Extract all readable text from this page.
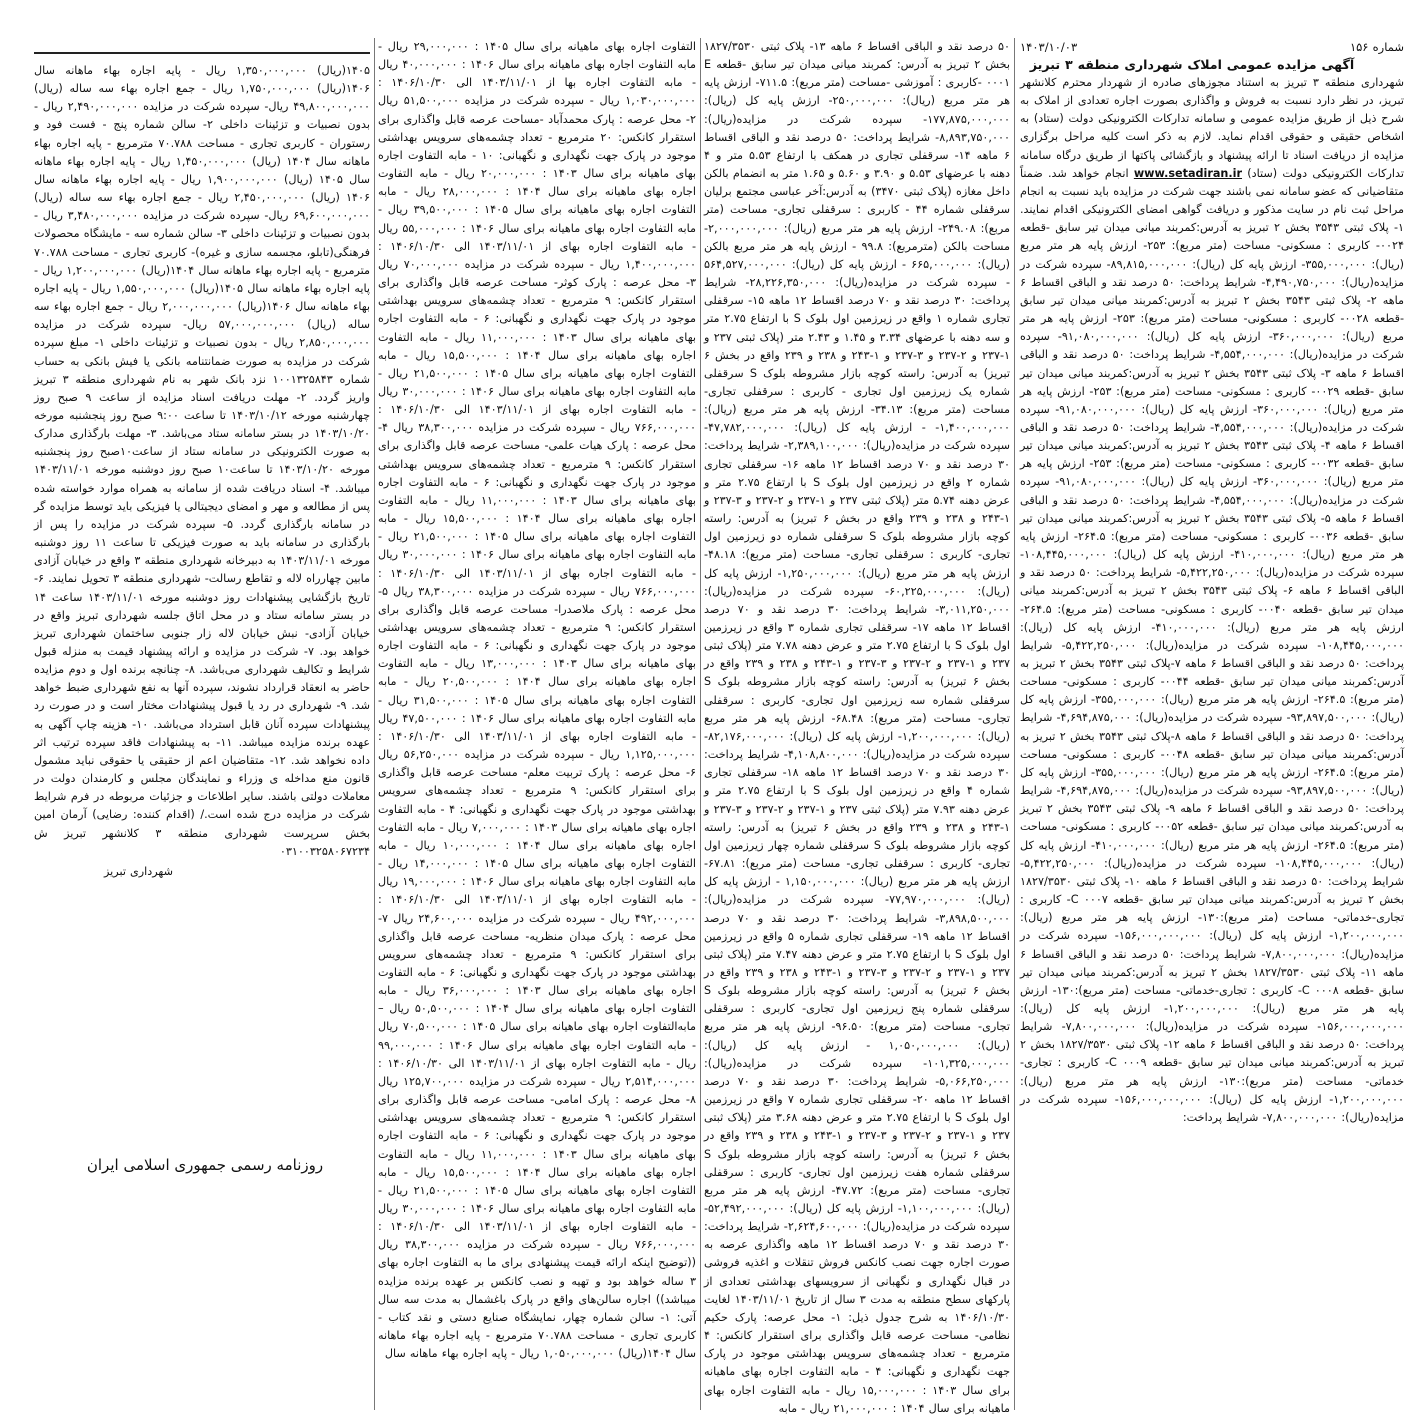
شماره ۱۵۶
۱۴۰۳/۱۰/۰۳
آگهی مزایده عمومی املاک شهرداری منطقه ۳ تبریز
شهرداری منطقه ۳ تبریز به استناد مجوزهای صادره از شهردار محترم کلانشهر تبریز، در نظر دارد نسبت به فروش و واگذاری بصورت اجاره تعدادی از املاک به شرح ذیل از طریق مزایده عمومی و سامانه تدارکات الکترونیکی دولت (ستاد) به اشخاص حقیقی و حقوقی اقدام نماید. لازم به ذکر است کلیه مراحل برگزاری مزایده از دریافت اسناد تا ارائه پیشنهاد و بازگشائی پاکتها از طریق درگاه سامانه تدارکات الکترونیکی دولت (ستاد) www.setadiran.ir انجام خواهد شد. ضمناً متقاضیانی که عضو سامانه نمی باشند جهت شرکت در مزایده باید نسبت به انجام مراحل ثبت نام در سایت مذکور و دریافت گواهی امضای الکترونیکی اقدام نمایند. ۱- پلاک ثبتی ۳۵۴۳ بخش ۲ تبریز به آدرس:کمربند میانی میدان تیر سابق -قطعه ۰۰۲۴- کاربری : مسکونی- مساحت (متر مربع): ۲۵۳- ارزش پایه هر متر مربع (ریال): ۳۵۵,۰۰۰,۰۰۰- ارزش پایه کل (ریال): ۸۹,۸۱۵,۰۰۰,۰۰۰- سپرده شرکت در مزایده(ریال): ۴,۴۹۰,۷۵۰,۰۰۰- شرایط پرداخت: ۵۰ درصد نقد و الباقی اقساط ۶ ماهه ۲- پلاک ثبتی ۳۵۴۳ بخش ۲ تبریز به آدرس:کمربند میانی میدان تیر سابق -قطعه ۰۰۲۸- کاربری : مسکونی- مساحت (متر مربع): ۲۵۳- ارزش پایه هر متر مربع (ریال): ۳۶۰,۰۰۰,۰۰۰- ارزش پایه کل (ریال): ۹۱,۰۸۰,۰۰۰,۰۰۰- سپرده شرکت در مزایده(ریال): ۴,۵۵۴,۰۰۰,۰۰۰- شرایط پرداخت: ۵۰ درصد نقد و الباقی اقساط ۶ ماهه ۳- پلاک ثبتی ۳۵۴۳ بخش ۲ تبریز به آدرس:کمربند میانی میدان تیر سابق -قطعه ۰۰۲۹- کاربری : مسکونی- مساحت (متر مربع): ۲۵۳- ارزش پایه هر متر مربع (ریال): ۳۶۰,۰۰۰,۰۰۰- ارزش پایه کل (ریال): ۹۱,۰۸۰,۰۰۰,۰۰۰- سپرده شرکت در مزایده(ریال): ۴,۵۵۴,۰۰۰,۰۰۰- شرایط پرداخت: ۵۰ درصد نقد و الباقی اقساط ۶ ماهه ۴- پلاک ثبتی ۳۵۴۳ بخش ۲ تبریز به آدرس:کمربند میانی میدان تیر سابق -قطعه ۰۰۳۲- کاربری : مسکونی- مساحت (متر مربع): ۲۵۳- ارزش پایه هر متر مربع (ریال): ۳۶۰,۰۰۰,۰۰۰- ارزش پایه کل (ریال): ۹۱,۰۸۰,۰۰۰,۰۰۰- سپرده شرکت در مزایده(ریال): ۴,۵۵۴,۰۰۰,۰۰۰- شرایط پرداخت: ۵۰ درصد نقد و الباقی اقساط ۶ ماهه ۵- پلاک ثبتی ۳۵۴۳ بخش ۲ تبریز به آدرس:کمربند میانی میدان تیر سابق -قطعه ۰۰۳۶- کاربری : مسکونی- مساحت (متر مربع): ۲۶۴.۵- ارزش پایه هر متر مربع (ریال): ۴۱۰,۰۰۰,۰۰۰- ارزش پایه کل (ریال): ۱۰۸,۴۴۵,۰۰۰,۰۰۰- سپرده شرکت در مزایده(ریال): ۵,۴۲۲,۲۵۰,۰۰۰- شرایط پرداخت: ۵۰ درصد نقد و الباقی اقساط ۶ ماهه ۶- پلاک ثبتی ۳۵۴۳ بخش ۲ تبریز به آدرس:کمربند میانی میدان تیر سابق -قطعه ۰۰۴۰- کاربری : مسکونی- مساحت (متر مربع): ۲۶۴.۵- ارزش پایه هر متر مربع (ریال): ۴۱۰,۰۰۰,۰۰۰- ارزش پایه کل (ریال): ۱۰۸,۴۴۵,۰۰۰,۰۰۰- سپرده شرکت در مزایده(ریال): ۵,۴۲۲,۲۵۰,۰۰۰- شرایط پرداخت: ۵۰ درصد نقد و الباقی اقساط ۶ ماهه ۷-پلاک ثبتی ۳۵۴۳ بخش ۲ تبریز به آدرس:کمربند میانی میدان تیر سابق -قطعه ۰۰۴۴- کاربری : مسکونی- مساحت (متر مربع): ۲۶۴.۵- ارزش پایه هر متر مربع (ریال): ۳۵۵,۰۰۰,۰۰۰- ارزش پایه کل (ریال): ۹۳,۸۹۷,۵۰۰,۰۰۰- سپرده شرکت در مزایده(ریال): ۴,۶۹۴,۸۷۵,۰۰۰- شرایط پرداخت: ۵۰ درصد نقد و الباقی اقساط ۶ ماهه ۸-پلاک ثبتی ۳۵۴۳ بخش ۲ تبریز به آدرس:کمربند میانی میدان تیر سابق -قطعه ۰۰۴۸- کاربری : مسکونی- مساحت (متر مربع): ۲۶۴.۵- ارزش پایه هر متر مربع (ریال): ۳۵۵,۰۰۰,۰۰۰- ارزش پایه کل (ریال): ۹۳,۸۹۷,۵۰۰,۰۰۰- سپرده شرکت در مزایده(ریال): ۴,۶۹۴,۸۷۵,۰۰۰- شرایط پرداخت: ۵۰ درصد نقد و الباقی اقساط ۶ ماهه ۹- پلاک ثبتی ۳۵۴۳ بخش ۲ تبریز به آدرس:کمربند میانی میدان تیر سابق -قطعه ۰۰۵۲- کاربری : مسکونی- مساحت (متر مربع): ۲۶۴.۵- ارزش پایه هر متر مربع (ریال): ۴۱۰,۰۰۰,۰۰۰- ارزش پایه کل (ریال): ۱۰۸,۴۴۵,۰۰۰,۰۰۰- سپرده شرکت در مزایده(ریال): ۵,۴۲۲,۲۵۰,۰۰۰- شرایط پرداخت: ۵۰ درصد نقد و الباقی اقساط ۶ ماهه ۱۰- پلاک ثبتی ۱۸۲۷/۳۵۳۰ بخش ۲ تبریز به آدرس:کمربند میانی میدان تیر سابق -قطعه C ۰۰۰۷- کاربری : تجاری-خدماتی- مساحت (متر مربع):۱۳۰- ارزش پایه هر متر مربع (ریال): ۱,۲۰۰,۰۰۰,۰۰۰- ارزش پایه کل (ریال): ۱۵۶,۰۰۰,۰۰۰,۰۰۰- سپرده شرکت در مزایده(ریال): ۷,۸۰۰,۰۰۰,۰۰۰- شرایط پرداخت: ۵۰ درصد نقد و الباقی اقساط ۶ ماهه ۱۱- پلاک ثبتی ۱۸۲۷/۳۵۳۰ بخش ۲ تبریز به آدرس:کمربند میانی میدان تیر سابق -قطعه C ۰۰۰۸- کاربری : تجاری-خدماتی- مساحت (متر مربع):۱۳۰- ارزش پایه هر متر مربع (ریال): ۱,۲۰۰,۰۰۰,۰۰۰- ارزش پایه کل (ریال): ۱۵۶,۰۰۰,۰۰۰,۰۰۰- سپرده شرکت در مزایده(ریال): ۷,۸۰۰,۰۰۰,۰۰۰- شرایط پرداخت: ۵۰ درصد نقد و الباقی اقساط ۶ ماهه ۱۲- پلاک ثبتی ۱۸۲۷/۳۵۳۰ بخش ۲ تبریز به آدرس:کمربند میانی میدان تیر سابق -قطعه C ۰۰۰۹- کاربری : تجاری-خدماتی- مساحت (متر مربع):۱۳۰- ارزش پایه هر متر مربع (ریال): ۱,۲۰۰,۰۰۰,۰۰۰- ارزش پایه کل (ریال): ۱۵۶,۰۰۰,۰۰۰,۰۰۰- سپرده شرکت در مزایده(ریال): ۷,۸۰۰,۰۰۰,۰۰۰- شرایط پرداخت:
۵۰ درصد نقد و الباقی اقساط ۶ ماهه ۱۳- پلاک ثبتی ۱۸۲۷/۳۵۳۰ بخش ۲ تبریز به آدرس: کمربند میانی میدان تیر سابق -قطعه E ۰۰۰۱ -کاربری : آموزشی -مساحت (متر مربع): ۷۱۱.۵- ارزش پایه هر متر مربع (ریال): ۲۵۰,۰۰۰,۰۰۰- ارزش پایه کل (ریال): ۱۷۷,۸۷۵,۰۰۰,۰۰۰- سپرده شرکت در مزایده(ریال): ۸,۸۹۳,۷۵۰,۰۰۰- شرایط پرداخت: ۵۰ درصد نقد و الباقی اقساط ۶ ماهه ۱۴- سرقفلی تجاری در همکف با ارتفاع ۵.۵۳ متر و ۴ دهنه با عرضهای ۵.۵۳ و ۳.۹۰ و ۵.۶۰ و ۱.۶۵ متر به انضمام بالکن داخل مغازه (پلاک ثبتی ۳۴۷۰) به آدرس:آخر عباسی مجتمع برلیان سرقفلی شماره ۴۴ - کاربری : سرقفلی تجاری- مساحت (متر مربع): ۲۴۹.۰۸- ارزش پایه هر متر مربع (ریال): ۲,۰۰۰,۰۰۰,۰۰۰- مساحت بالکن (مترمربع): ۹۹.۸ - ارزش پایه هر متر مربع بالکن (ریال): ۶۶۵,۰۰۰,۰۰۰ - ارزش پایه کل (ریال): ۵۶۴,۵۲۷,۰۰۰,۰۰۰ - سپرده شرکت در مزایده(ریال): ۲۸,۲۲۶,۳۵۰,۰۰۰- شرایط پرداخت: ۳۰ درصد نقد و ۷۰ درصد اقساط ۱۲ ماهه ۱۵- سرقفلی تجاری شماره ۱ واقع در زیرزمین اول بلوک S با ارتفاع ۲.۷۵ متر و سه دهنه با عرضهای ۳.۳۴ و ۱.۴۵ و ۲.۴۳ متر (پلاک ثبتی ۲۳۷ و ۱-۲۳۷ و ۲-۲۳۷ و ۳-۲۳۷ و ۱-۲۴۳ و ۲۳۸ و ۲۳۹ واقع در بخش ۶ تبریز) به آدرس: راسته کوچه بازار مشروطه بلوک S سرقفلی شماره یک زیرزمین اول تجاری - کاربری : سرقفلی تجاری- مساحت (متر مربع): ۳۴.۱۳- ارزش پایه هر متر مربع (ریال): ۱,۴۰۰,۰۰۰,۰۰۰- - ارزش پایه کل (ریال): ۴۷,۷۸۲,۰۰۰,۰۰۰- سپرده شرکت در مزایده(ریال): ۲,۳۸۹,۱۰۰,۰۰۰- شرایط پرداخت: ۳۰ درصد نقد و ۷۰ درصد اقساط ۱۲ ماهه ۱۶- سرقفلی تجاری شماره ۲ واقع در زیرزمین اول بلوک S با ارتفاع ۲.۷۵ متر و عرض دهنه ۵.۷۴ متر (پلاک ثبتی ۲۳۷ و ۱-۲۳۷ و ۲-۲۳۷ و ۳-۲۳۷ و ۱-۲۴۳ و ۲۳۸ و ۲۳۹ واقع در بخش ۶ تبریز) به آدرس: راسته کوچه بازار مشروطه بلوک S سرقفلی شماره دو زیرزمین اول تجاری- کاربری : سرقفلی تجاری- مساحت (متر مربع): ۴۸.۱۸- ارزش پایه هر متر مربع (ریال): ۱,۲۵۰,۰۰۰,۰۰۰- ارزش پایه کل (ریال): ۶۰,۲۲۵,۰۰۰,۰۰۰- سپرده شرکت در مزایده(ریال): ۳,۰۱۱,۲۵۰,۰۰۰- شرایط پرداخت: ۳۰ درصد نقد و ۷۰ درصد اقساط ۱۲ ماهه ۱۷- سرقفلی تجاری شماره ۳ واقع در زیرزمین اول بلوک S با ارتفاع ۲.۷۵ متر و عرض دهنه ۷.۷۸ متر (پلاک ثبتی ۲۳۷ و ۱-۲۳۷ و ۲-۲۳۷ و ۳-۲۳۷ و ۱-۲۴۳ و ۲۳۸ و ۲۳۹ واقع در بخش ۶ تبریز) به آدرس: راسته کوچه بازار مشروطه بلوک S سرقفلی شماره سه زیرزمین اول تجاری- کاربری : سرقفلی تجاری- مساحت (متر مربع): ۶۸.۴۸- ارزش پایه هر متر مربع (ریال): ۱,۲۰۰,۰۰۰,۰۰۰- ارزش پایه کل (ریال): ۸۲,۱۷۶,۰۰۰,۰۰۰- سپرده شرکت در مزایده(ریال): ۴,۱۰۸,۸۰۰,۰۰۰- شرایط پرداخت: ۳۰ درصد نقد و ۷۰ درصد اقساط ۱۲ ماهه ۱۸- سرقفلی تجاری شماره ۴ واقع در زیرزمین اول بلوک S با ارتفاع ۲.۷۵ متر و عرض دهنه ۷.۹۳ متر (پلاک ثبتی ۲۳۷ و ۱-۲۳۷ و ۲-۲۳۷ و ۳-۲۳۷ و ۱-۲۴۳ و ۲۳۸ و ۲۳۹ واقع در بخش ۶ تبریز) به آدرس: راسته کوچه بازار مشروطه بلوک S سرقفلی شماره چهار زیرزمین اول تجاری- کاربری : سرقفلی تجاری- مساحت (متر مربع): ۶۷.۸۱- ارزش پایه هر متر مربع (ریال): ۱,۱۵۰,۰۰۰,۰۰۰ - ارزش پایه کل (ریال): ۷۷,۹۷۰,۰۰۰,۰۰۰- سپرده شرکت در مزایده(ریال): ۳,۸۹۸,۵۰۰,۰۰۰- شرایط پرداخت: ۳۰ درصد نقد و ۷۰ درصد اقساط ۱۲ ماهه ۱۹- سرقفلی تجاری شماره ۵ واقع در زیرزمین اول بلوک S با ارتفاع ۲.۷۵ متر و عرض دهنه ۷.۴۷ متر (پلاک ثبتی ۲۳۷ و ۱-۲۳۷ و ۲-۲۳۷ و ۳-۲۳۷ و ۱-۲۴۳ و ۲۳۸ و ۲۳۹ واقع در بخش ۶ تبریز) به آدرس: راسته کوچه بازار مشروطه بلوک S سرقفلی شماره پنج زیرزمین اول تجاری- کاربری : سرقفلی تجاری- مساحت (متر مربع): ۹۶.۵۰- ارزش پایه هر متر مربع (ریال): ۱,۰۵۰,۰۰۰,۰۰۰ - ارزش پایه کل (ریال): ۱۰۱,۳۲۵,۰۰۰,۰۰۰- سپرده شرکت در مزایده(ریال): ۵,۰۶۶,۲۵۰,۰۰۰- شرایط پرداخت: ۳۰ درصد نقد و ۷۰ درصد اقساط ۱۲ ماهه ۲۰- سرقفلی تجاری شماره ۷ واقع در زیرزمین اول بلوک S با ارتفاع ۲.۷۵ متر و عرض دهنه ۳.۶۸ متر (پلاک ثبتی ۲۳۷ و ۱-۲۳۷ و ۲-۲۳۷ و ۳-۲۳۷ و ۱-۲۴۳ و ۲۳۸ و ۲۳۹ واقع در بخش ۶ تبریز) به آدرس: راسته کوچه بازار مشروطه بلوک S سرقفلی شماره هفت زیرزمین اول تجاری- کاربری : سرقفلی تجاری- مساحت (متر مربع): ۴۷.۷۲- ارزش پایه هر متر مربع (ریال): ۱,۱۰۰,۰۰۰,۰۰۰- ارزش پایه کل (ریال): ۵۲,۴۹۲,۰۰۰,۰۰۰- سپرده شرکت در مزایده(ریال): ۲,۶۲۴,۶۰۰,۰۰۰- شرایط پرداخت: ۳۰ درصد نقد و ۷۰ درصد اقساط ۱۲ ماهه واگذاری عرصه به صورت اجاره جهت نصب کانکس فروش تنقلات و اغذیه فروشی در قبال نگهداری و نگهبانی از سرویسهای بهداشتی تعدادی از پارکهای سطح منطقه به مدت ۳ سال از تاریخ ۱۴۰۳/۱۱/۰۱ لغایت ۱۴۰۶/۱۰/۳۰ به شرح جدول ذیل: ۱- محل عرصه: پارک حکیم نظامی- مساحت عرصه قابل واگذاری برای استقرار کانکس: ۴ مترمربع - تعداد چشمه‌های سرویس بهداشتی موجود در پارک جهت نگهداری و نگهبانی: ۴ - مابه التفاوت اجاره بهای ماهیانه برای سال ۱۴۰۳ : ۱۵,۰۰۰,۰۰۰ ریال - مابه التفاوت اجاره بهای ماهیانه برای سال ۱۴۰۴ : ۲۱,۰۰۰,۰۰۰ ریال - مابه
التفاوت اجاره بهای ماهیانه برای سال ۱۴۰۵ : ۲۹,۰۰۰,۰۰۰ ریال - مابه التفاوت اجاره بهای ماهیانه برای سال ۱۴۰۶ : ۴۰,۰۰۰,۰۰۰ ریال - مابه التفاوت اجاره بها از ۱۴۰۳/۱۱/۰۱ الی ۱۴۰۶/۱۰/۳۰ : ۱,۰۳۰,۰۰۰,۰۰۰ ریال - سپرده شرکت در مزایده ۵۱,۵۰۰,۰۰۰ ریال ۲- محل عرصه : پارک محمدآباد -مساحت عرصه قابل واگذاری برای استقرار کانکس: ۲۰ مترمربع - تعداد چشمه‌های سرویس بهداشتی موجود در پارک جهت نگهداری و نگهبانی: ۱۰ - مابه التفاوت اجاره بهای ماهیانه برای سال ۱۴۰۳ : ۲۰,۰۰۰,۰۰۰ ریال - مابه التفاوت اجاره بهای ماهیانه برای سال ۱۴۰۴ : ۲۸,۰۰۰,۰۰۰ ریال - مابه التفاوت اجاره بهای ماهیانه برای سال ۱۴۰۵ : ۳۹,۵۰۰,۰۰۰ ریال - مابه التفاوت اجاره بهای ماهیانه برای سال ۱۴۰۶ : ۵۵,۰۰۰,۰۰۰ ریال - مابه التفاوت اجاره بهای از ۱۴۰۳/۱۱/۰۱ الی ۱۴۰۶/۱۰/۳۰ : ۱,۴۰۰,۰۰۰,۰۰۰ ریال - سپرده شرکت در مزایده ۷۰,۰۰۰,۰۰۰ ریال ۳- محل عرصه : پارک کوثر- مساحت عرصه قابل واگذاری برای استقرار کانکس: ۹ مترمربع - تعداد چشمه‌های سرویس بهداشتی موجود در پارک جهت نگهداری و نگهبانی: ۶ - مابه التفاوت اجاره بهای ماهیانه برای سال ۱۴۰۳ : ۱۱,۰۰۰,۰۰۰ ریال - مابه التفاوت اجاره بهای ماهیانه برای سال ۱۴۰۴ : ۱۵,۵۰۰,۰۰۰ ریال - مابه التفاوت اجاره بهای ماهیانه برای سال ۱۴۰۵ : ۲۱,۵۰۰,۰۰۰ ریال - مابه التفاوت اجاره بهای ماهیانه برای سال ۱۴۰۶ : ۳۰,۰۰۰,۰۰۰ ریال - مابه التفاوت اجاره بهای از ۱۴۰۳/۱۱/۰۱ الی ۱۴۰۶/۱۰/۳۰ : ۷۶۶,۰۰۰,۰۰۰ ریال - سپرده شرکت در مزایده ۳۸,۳۰۰,۰۰۰ ریال ۴- محل عرصه : پارک هیات علمی- مساحت عرصه قابل واگذاری برای استقرار کانکس: ۹ مترمربع - تعداد چشمه‌های سرویس بهداشتی موجود در پارک جهت نگهداری و نگهبانی: ۶ - مابه التفاوت اجاره بهای ماهیانه برای سال ۱۴۰۳ : ۱۱,۰۰۰,۰۰۰ ریال - مابه التفاوت اجاره بهای ماهیانه برای سال ۱۴۰۴ : ۱۵,۵۰۰,۰۰۰ ریال - مابه التفاوت اجاره بهای ماهیانه برای سال ۱۴۰۵ : ۲۱,۵۰۰,۰۰۰ ریال - مابه التفاوت اجاره بهای ماهیانه برای سال ۱۴۰۶ : ۳۰,۰۰۰,۰۰۰ ریال - مابه التفاوت اجاره بهای از ۱۴۰۳/۱۱/۰۱ الی ۱۴۰۶/۱۰/۳۰ : ۷۶۶,۰۰۰,۰۰۰ ریال - سپرده شرکت در مزایده ۳۸,۳۰۰,۰۰۰ ریال ۵- محل عرصه : پارک ملاصدرا- مساحت عرصه قابل واگذاری برای استقرار کانکس: ۹ مترمربع - تعداد چشمه‌های سرویس بهداشتی موجود در پارک جهت نگهداری و نگهبانی: ۶ - مابه التفاوت اجاره بهای ماهیانه برای سال ۱۴۰۳ : ۱۳,۰۰۰,۰۰۰ ریال - مابه التفاوت اجاره بهای ماهیانه برای سال ۱۴۰۴ : ۲۰,۵۰۰,۰۰۰ ریال - مابه التفاوت اجاره بهای ماهیانه برای سال ۱۴۰۵ : ۳۱,۵۰۰,۰۰۰ ریال - مابه التفاوت اجاره بهای ماهیانه برای سال ۱۴۰۶ : ۴۷,۵۰۰,۰۰۰ ریال - مابه التفاوت اجاره بهای از ۱۴۰۳/۱۱/۰۱ الی ۱۴۰۶/۱۰/۳۰ : ۱,۱۲۵,۰۰۰,۰۰۰ ریال - سپرده شرکت در مزایده ۵۶,۲۵۰,۰۰۰ ریال ۶- محل عرصه : پارک تربیت معلم- مساحت عرصه قابل واگذاری برای استقرار کانکس: ۹ مترمربع - تعداد چشمه‌های سرویس بهداشتی موجود در پارک جهت نگهداری و نگهبانی: ۴ - مابه التفاوت اجاره بهای ماهیانه برای سال ۱۴۰۳ : ۷,۰۰۰,۰۰۰ ریال - مابه التفاوت اجاره بهای ماهیانه برای سال ۱۴۰۴ : ۱۰,۰۰۰,۰۰۰ ریال - مابه التفاوت اجاره بهای ماهیانه برای سال ۱۴۰۵ : ۱۴,۰۰۰,۰۰۰ ریال - مابه التفاوت اجاره بهای ماهیانه برای سال ۱۴۰۶ : ۱۹,۰۰۰,۰۰۰ ریال - مابه التفاوت اجاره بهای از ۱۴۰۳/۱۱/۰۱ الی ۱۴۰۶/۱۰/۳۰ : ۴۹۲,۰۰۰,۰۰۰ ریال - سپرده شرکت در مزایده ۲۴,۶۰۰,۰۰۰ ریال ۷- محل عرصه : پارک میدان منظریه- مساحت عرصه قابل واگذاری برای استقرار کانکس: ۹ مترمربع - تعداد چشمه‌های سرویس بهداشتی موجود در پارک جهت نگهداری و نگهبانی: ۶ - مابه التفاوت اجاره بهای ماهیانه برای سال ۱۴۰۳ : ۳۶,۰۰۰,۰۰۰ ریال - مابه التفاوت اجاره بهای ماهیانه برای سال ۱۴۰۴ : ۵۰,۵۰۰,۰۰۰ ریال – مابه‌التفاوت اجاره بهای ماهیانه برای سال ۱۴۰۵ : ۷۰,۵۰۰,۰۰۰ ریال - مابه التفاوت اجاره بهای ماهیانه برای سال ۱۴۰۶ : ۹۹,۰۰۰,۰۰۰ ریال - مابه التفاوت اجاره بهای از ۱۴۰۳/۱۱/۰۱ الی ۱۴۰۶/۱۰/۳۰ : ۲,۵۱۴,۰۰۰,۰۰۰ ریال - سپرده شرکت در مزایده ۱۲۵,۷۰۰,۰۰۰ ریال ۸- محل عرصه : پارک امامی- مساحت عرصه قابل واگذاری برای استقرار کانکس: ۹ مترمربع - تعداد چشمه‌های سرویس بهداشتی موجود در پارک جهت نگهداری و نگهبانی: ۶ - مابه التفاوت اجاره بهای ماهیانه برای سال ۱۴۰۳ : ۱۱,۰۰۰,۰۰۰ ریال - مابه التفاوت اجاره بهای ماهیانه برای سال ۱۴۰۴ : ۱۵,۵۰۰,۰۰۰ ریال - مابه التفاوت اجاره بهای ماهیانه برای سال ۱۴۰۵ : ۲۱,۵۰۰,۰۰۰ ریال - مابه التفاوت اجاره بهای ماهیانه برای سال ۱۴۰۶ : ۳۰,۰۰۰,۰۰۰ ریال - مابه التفاوت اجاره بهای از ۱۴۰۳/۱۱/۰۱ الی ۱۴۰۶/۱۰/۳۰ : ۷۶۶,۰۰۰,۰۰۰ ریال - سپرده شرکت در مزایده ۳۸,۳۰۰,۰۰۰ ریال ((توضیح اینکه ارائه قیمت پیشنهادی برای ما به التفاوت اجاره بهای ۳ ساله خواهد بود و تهیه و نصب کانکس بر عهده برنده مزایده میباشد)) اجاره سالن‌های واقع در پارک باغشمال به مدت سه سال آتی: ۱- سالن شماره چهار، نمایشگاه صنایع دستی و نقد کتاب - کاربری تجاری - مساحت ۷۰.۷۸۸ مترمربع - پایه اجاره بهاء ماهانه سال ۱۴۰۴(ریال) ۱,۰۵۰,۰۰۰,۰۰۰ ریال - پایه اجاره بهاء ماهانه سال
۱۴۰۵(ریال) ۱,۳۵۰,۰۰۰,۰۰۰ ریال - پایه اجاره بهاء ماهانه سال ۱۴۰۶(ریال) ۱,۷۵۰,۰۰۰,۰۰۰ ریال - جمع اجاره بهاء سه ساله (ریال) ۴۹,۸۰۰,۰۰۰,۰۰۰ ریال- سپرده شرکت در مزایده ۲,۴۹۰,۰۰۰,۰۰۰ ریال - بدون نصبیات و تزئینات داخلی ۲- سالن شماره پنج - فست فود و رستوران - کاربری تجاری - مساحت ۷۰.۷۸۸ مترمربع - پایه اجاره بهاء ماهانه سال ۱۴۰۴ (ریال) ۱,۴۵۰,۰۰۰,۰۰۰ ریال - پایه اجاره بهاء ماهانه سال ۱۴۰۵ (ریال) ۱,۹۰۰,۰۰۰,۰۰۰ ریال - پایه اجاره بهاء ماهانه سال ۱۴۰۶ (ریال) ۲,۴۵۰,۰۰۰,۰۰۰ ریال - جمع اجاره بهاء سه ساله (ریال) ۶۹,۶۰۰,۰۰۰,۰۰۰ ریال- سپرده شرکت در مزایده ۳,۴۸۰,۰۰۰,۰۰۰ ریال - بدون نصبیات و تزئینات داخلی ۳- سالن شماره سه - مایشگاه محصولات فرهنگی(تابلو، مجسمه سازی و غیره)- کاربری تجاری - مساحت ۷۰.۷۸۸ مترمربع - پایه اجاره بهاء ماهانه سال ۱۴۰۴(ریال) ۱,۲۰۰,۰۰۰,۰۰۰ ریال - پایه اجاره بهاء ماهانه سال ۱۴۰۵(ریال) ۱,۵۵۰,۰۰۰,۰۰۰ ریال - پایه اجاره بهاء ماهانه سال ۱۴۰۶(ریال) ۲,۰۰۰,۰۰۰,۰۰۰ ریال - جمع اجاره بهاء سه ساله (ریال) ۵۷,۰۰۰,۰۰۰,۰۰۰ ریال- سپرده شرکت در مزایده ۲,۸۵۰,۰۰۰,۰۰۰ ریال - بدون نصبیات و تزئینات داخلی ۱- مبلغ سپرده شرکت در مزایده به صورت ضمانتنامه بانکی یا فیش بانکی به حساب شماره ۱۰۰۱۳۲۵۸۴۳ نزد بانک شهر به نام شهرداری منطقه ۳ تبریز واریز گردد. ۲- مهلت دریافت اسناد مزایده از ساعت ۹ صبح روز چهارشنبه مورخه ۱۴۰۳/۱۰/۱۲ تا ساعت ۹:۰۰ صبح روز پنجشنبه مورخه ۱۴۰۳/۱۰/۲۰ در بستر سامانه ستاد می‌باشد. ۳- مهلت بارگذاری مدارک به صورت الکترونیکی در سامانه ستاد از ساعت۱۰صبح روز پنجشنبه مورخه ۱۴۰۳/۱۰/۲۰ تا ساعت۱۰ صبح روز دوشنبه مورخه ۱۴۰۳/۱۱/۰۱ میباشد. ۴- اسناد دریافت شده از سامانه به همراه موارد خواسته شده پس از مطالعه و مهر و امضای دیجیتالی یا فیزیکی باید توسط مزایده گر در سامانه بارگذاری گردد. ۵- سپرده شرکت در مزایده را پس از بارگذاری در سامانه باید به صورت فیزیکی تا ساعت ۱۱ روز دوشنبه مورخه ۱۴۰۳/۱۱/۰۱ به دبیرخانه شهرداری منطقه ۳ واقع در خیابان آزادی مابین چهارراه لاله و تقاطع رسالت- شهرداری منطقه ۳ تحویل نمایند. ۶- تاریخ بازگشایی پیشنهادات روز دوشنبه مورخه ۱۴۰۳/۱۱/۰۱ ساعت ۱۴ در بستر سامانه ستاد و در محل اتاق جلسه شهرداری تبریز واقع در خیابان آزادی- نبش خیابان لاله زار جنوبی ساختمان شهرداری تبریز خواهد بود. ۷- شرکت در مزایده و ارائه پیشنهاد قیمت به منزله قبول شرایط و تکالیف شهرداری می‌باشد. ۸- چنانچه برنده اول و دوم مزایده حاضر به انعقاد قرارداد نشوند، سپرده آنها به نفع شهرداری ضبط خواهد شد. ۹- شهرداری در رد یا قبول پیشنهادات مختار است و در صورت رد پیشنهادات سپرده آنان قابل استرداد می‌باشد. ۱۰- هزینه چاپ آگهی به عهده برنده مزایده میباشد. ۱۱- به پیشنهادات فاقد سپرده ترتیب اثر داده نخواهد شد. ۱۲- متقاضیان اعم از حقیقی یا حقوقی نباید مشمول قانون منع مداخله ی وزراء و نمایندگان مجلس و کارمندان دولت در معاملات دولتی باشند. سایر اطلاعات و جزئیات مربوطه در فرم شرایط شرکت در مزایده درج شده است./ (اقدام کننده: رضایی) آرمان امین بخش سرپرست شهرداری منطقه ۳ کلانشهر تبریز ش ۰۳۱۰۰۳۲۵۸۰۶۷۲۳۴
شهرداری تبریز
روزنامه رسمی جمهوری اسلامی ایران
